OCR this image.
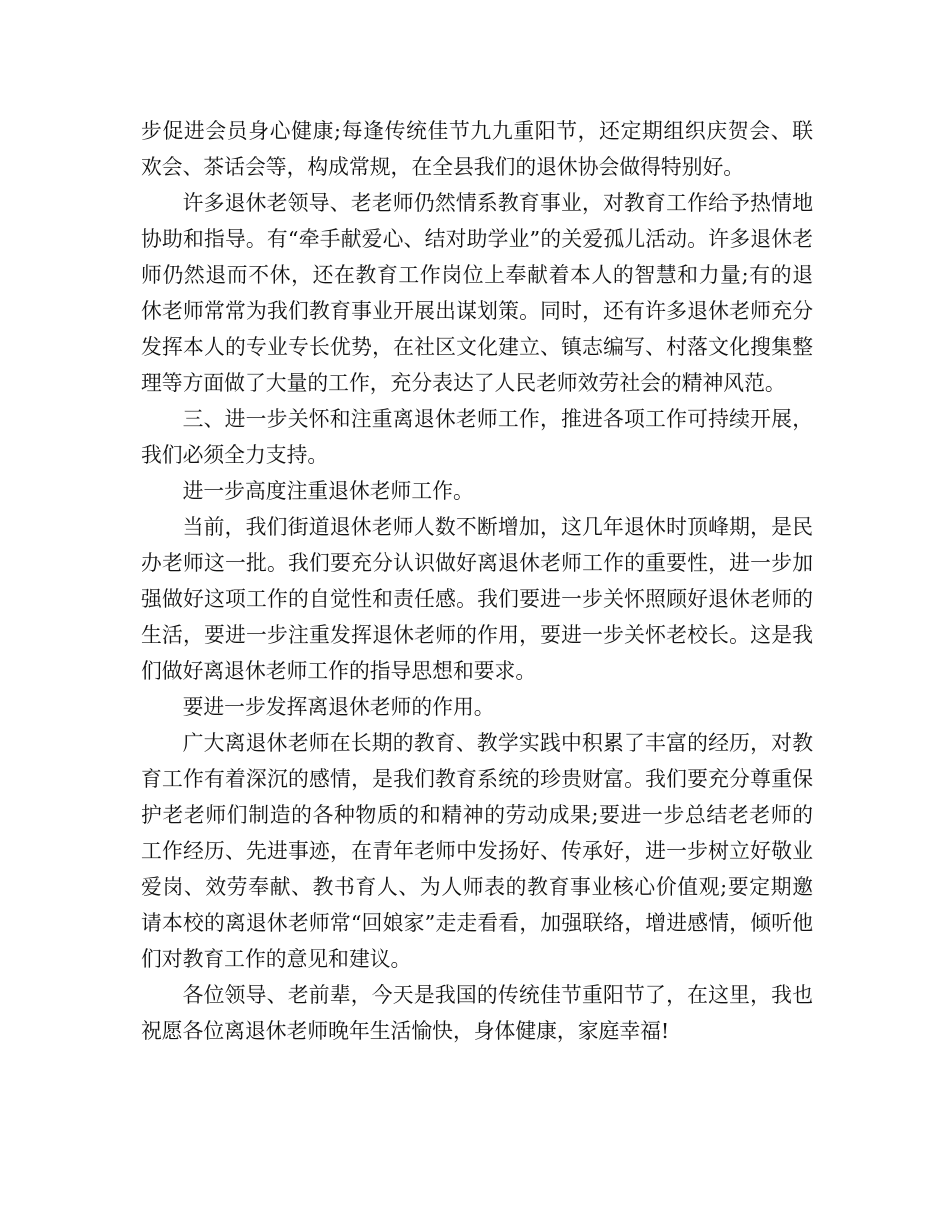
步促进会员身心健康;每逢传统佳节九九重阳节，还定期组织庆贺会、联欢会、茶话会等，构成常规，在全县我们的退休协会做得特别好。

许多退休老领导、老老师仍然情系教育事业，对教育工作给予热情地协助和指导。有“牵手献爱心、结对助学业”的关爱孤儿活动。许多退休老师仍然退而不休，还在教育工作岗位上奉献着本人的智慧和力量;有的退休老师常常为我们教育事业开展出谋划策。同时，还有许多退休老师充分发挥本人的专业专长优势，在社区文化建立、镇志编写、村落文化搜集整理等方面做了大量的工作，充分表达了人民老师效劳社会的精神风范。

三、进一步关怀和注重离退休老师工作，推进各项工作可持续开展，我们必须全力支持。

进一步高度注重退休老师工作。

当前，我们街道退休老师人数不断增加，这几年退休时顶峰期，是民办老师这一批。我们要充分认识做好离退休老师工作的重要性，进一步加强做好这项工作的自觉性和责任感。我们要进一步关怀照顾好退休老师的生活，要进一步注重发挥退休老师的作用，要进一步关怀老校长。这是我们做好离退休老师工作的指导思想和要求。

要进一步发挥离退休老师的作用。

广大离退休老师在长期的教育、教学实践中积累了丰富的经历，对教育工作有着深沉的感情，是我们教育系统的珍贵财富。我们要充分尊重保护老老师们制造的各种物质的和精神的劳动成果;要进一步总结老老师的工作经历、先进事迹，在青年老师中发扬好、传承好，进一步树立好敬业爱岗、效劳奉献、教书育人、为人师表的教育事业核心价值观;要定期邀请本校的离退休老师常“回娘家”走走看看，加强联络，增进感情，倾听他们对教育工作的意见和建议。

各位领导、老前辈，今天是我国的传统佳节重阳节了，在这里，我也祝愿各位离退休老师晚年生活愉快，身体健康，家庭幸福!
